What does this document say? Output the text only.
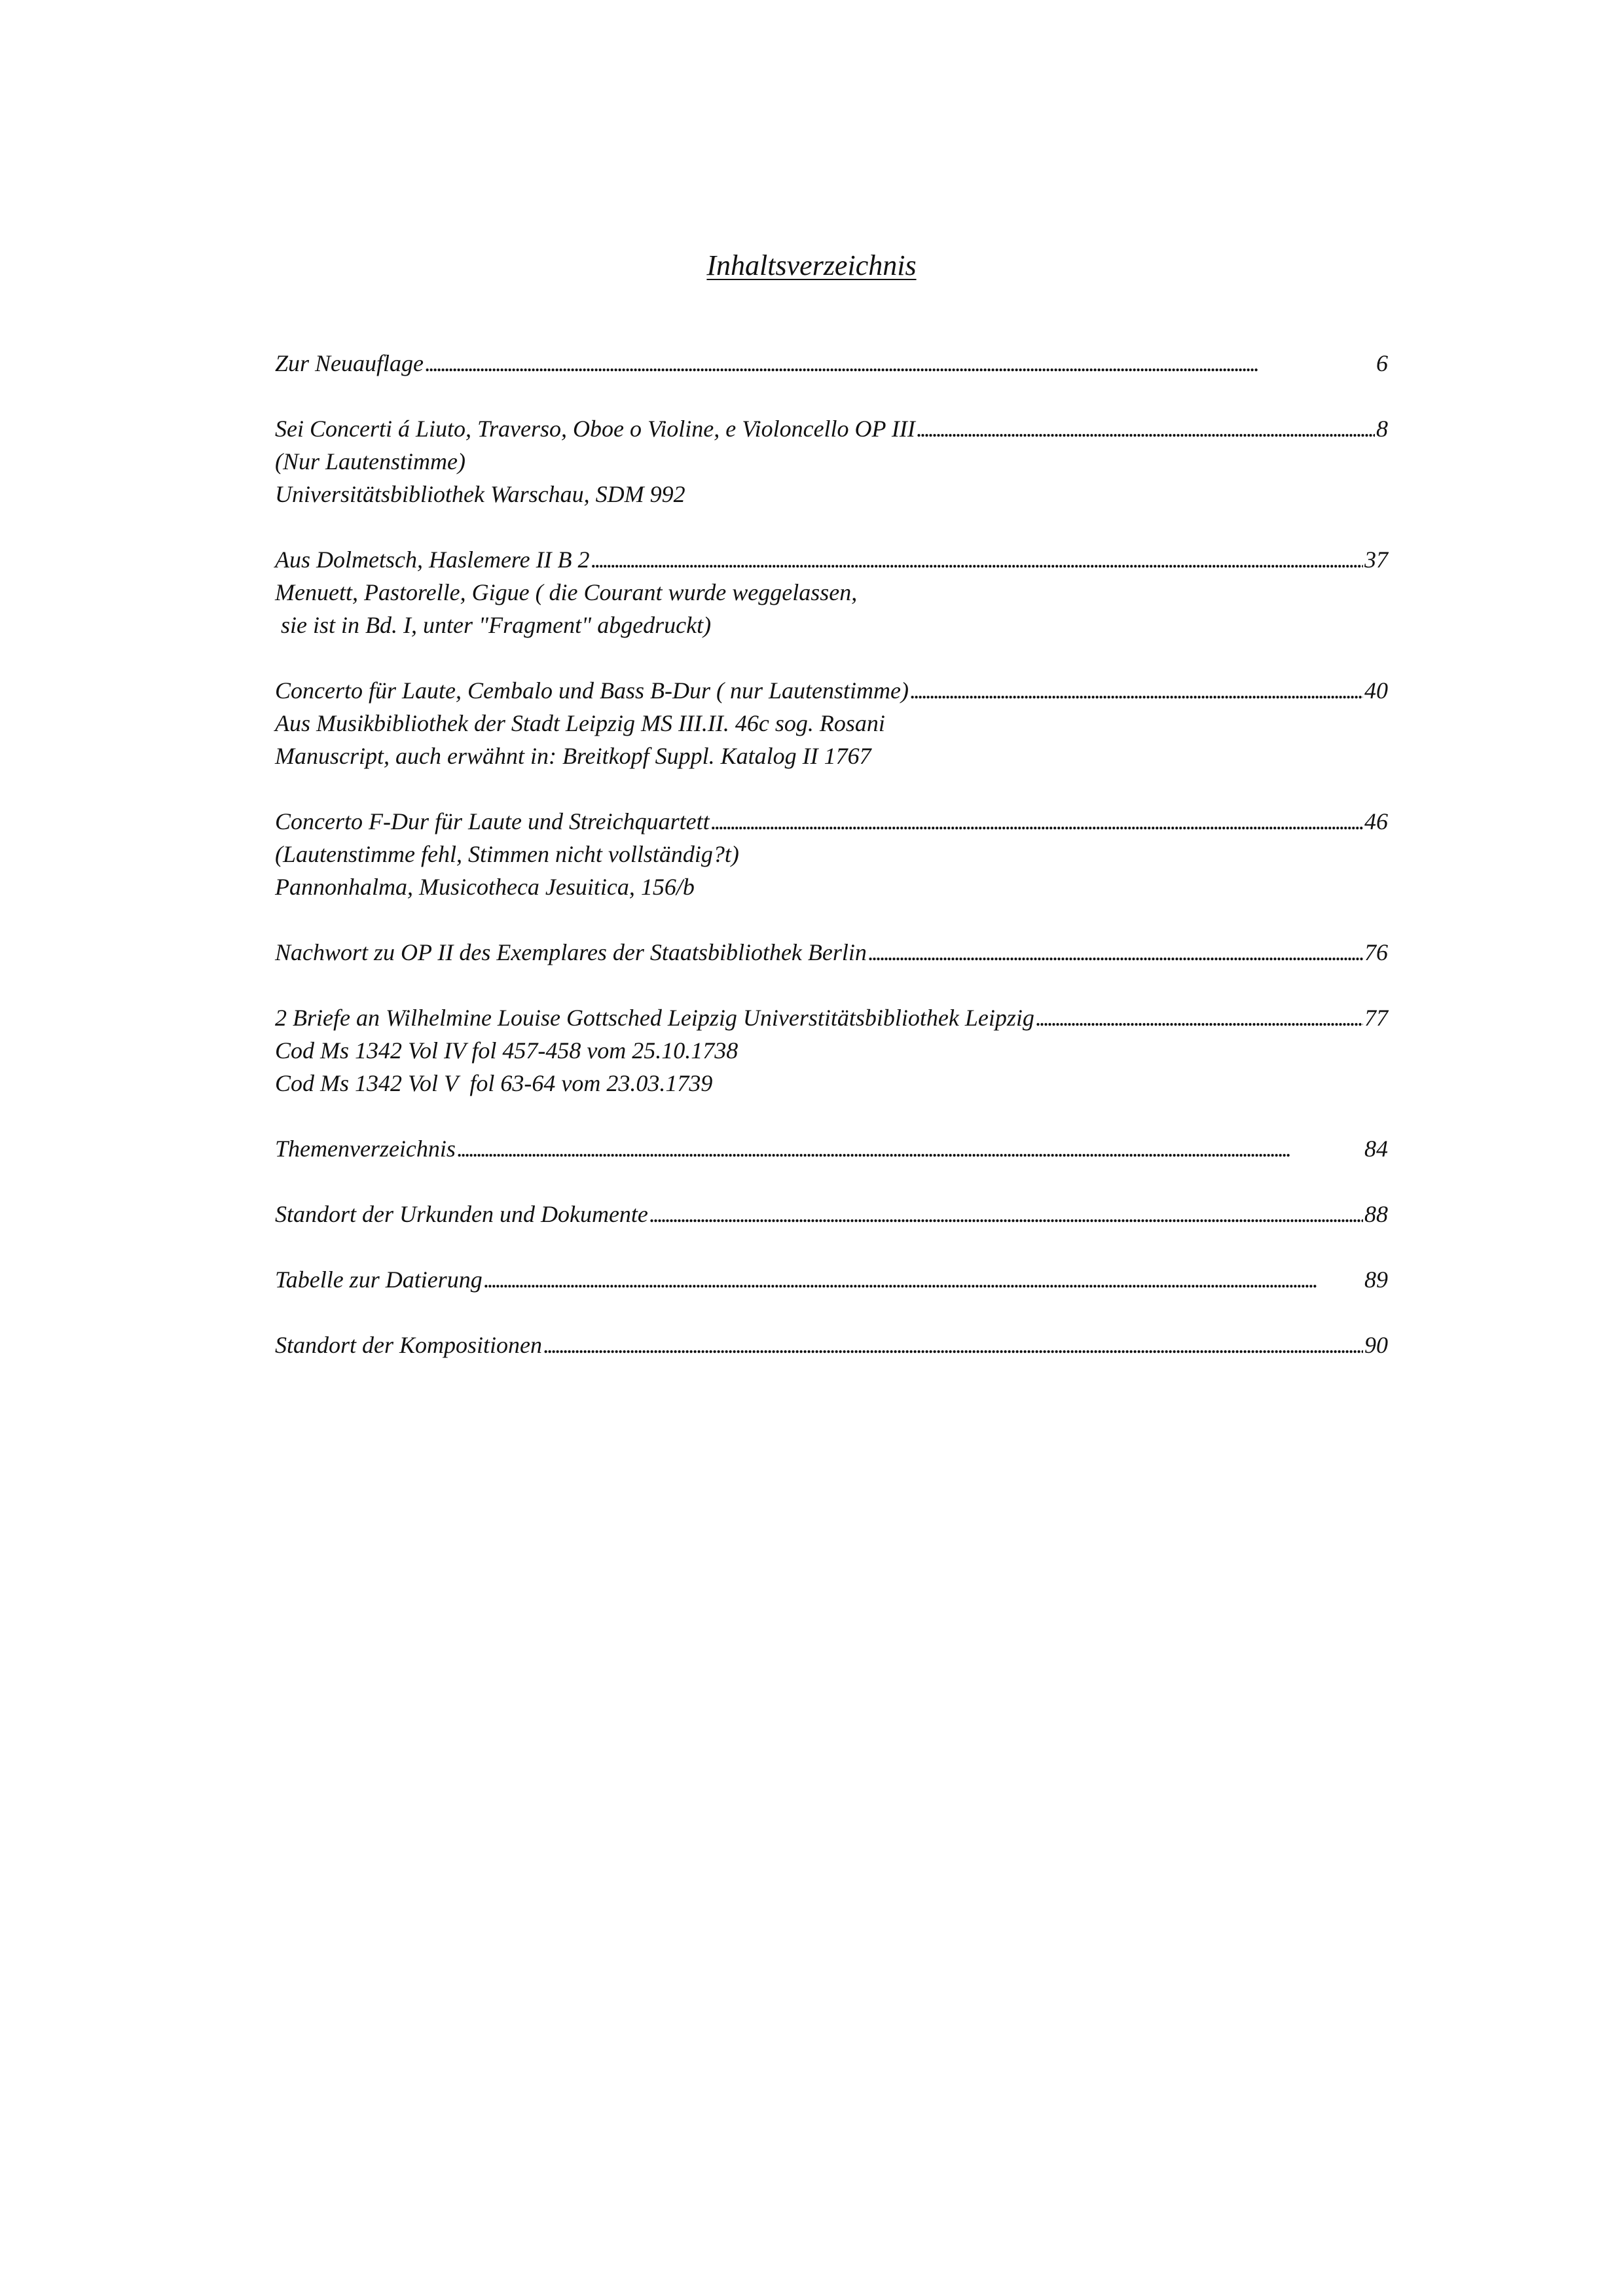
Inhaltsverzeichnis
Zur Neuauflage . . .	6
Sei Concerti á Liuto, Traverso, Oboe o Violine, e Violoncello OP III . . .	8
(Nur Lautenstimme)
Universitätsbibliothek Warschau, SDM 992
Aus Dolmetsch, Haslemere II B 2 . . .	37
Menuett, Pastorelle, Gigue ( die Courant wurde weggelassen,
sie ist in Bd. I, unter "Fragment" abgedruckt)
Concerto für Laute, Cembalo und Bass B-Dur ( nur Lautenstimme) . . .	40
Aus Musikbibliothek der Stadt Leipzig MS III.II. 46c sog. Rosani
Manuscript, auch erwähnt in: Breitkopf Suppl. Katalog II 1767
Concerto F-Dur für Laute und Streichquartett . . .	46
(Lautenstimme fehl, Stimmen nicht vollständig?t)
Pannonhalma, Musicotheca Jesuitica, 156/b
Nachwort zu OP II des Exemplares der Staatsbibliothek Berlin . . .	76
2 Briefe an Wilhelmine Louise Gottsched Leipzig Universtitätsbibliothek Leipzig . . .	77
Cod Ms 1342 Vol IV fol 457-458 vom 25.10.1738
Cod Ms 1342 Vol V  fol 63-64 vom 23.03.1739
Themenverzeichnis . . .	84
Standort der Urkunden und Dokumente . . .	88
Tabelle zur Datierung . . .	89
Standort der Kompositionen . . .	90
